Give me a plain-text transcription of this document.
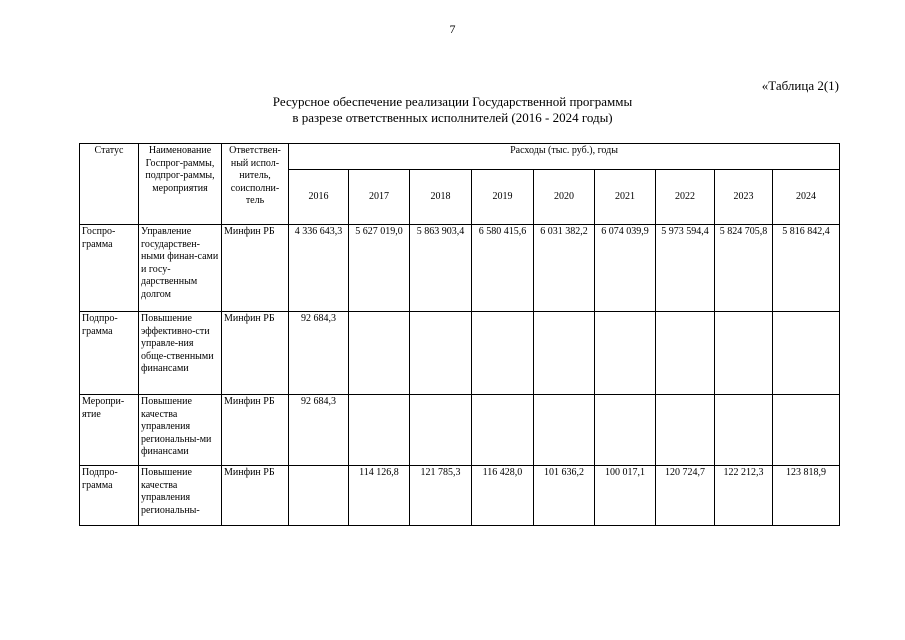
7
«Таблица 2(1)
Ресурсное обеспечение реализации Государственной программы
в разрезе ответственных исполнителей (2016 - 2024 годы)
Статус	Наименование Госпрог-раммы, подпрог-раммы, мероприятия	Ответствен-ный испол-нитель, соисполни-тель	Расходы (тыс. руб.), годы								
			2016	2017	2018	2019	2020	2021	2022	2023	2024
Госпро-грамма	Управление государствен-ными финан-сами и госу-дарственным долгом	Минфин РБ	4 336 643,3	5 627 019,0	5 863 903,4	6 580 415,6	6 031 382,2	6 074 039,9	5 973 594,4	5 824 705,8	5 816 842,4
Подпро-грамма	Повышение эффективно-сти управле-ния обще-ственными финансами	Минфин РБ	92 684,3								
Меропри-ятие	Повышение качества управления региональны-ми финансами	Минфин РБ	92 684,3								
Подпро-грамма	Повышение качества управления региональны-	Минфин РБ		114 126,8	121 785,3	116 428,0	101 636,2	100 017,1	120 724,7	122 212,3	123 818,9
